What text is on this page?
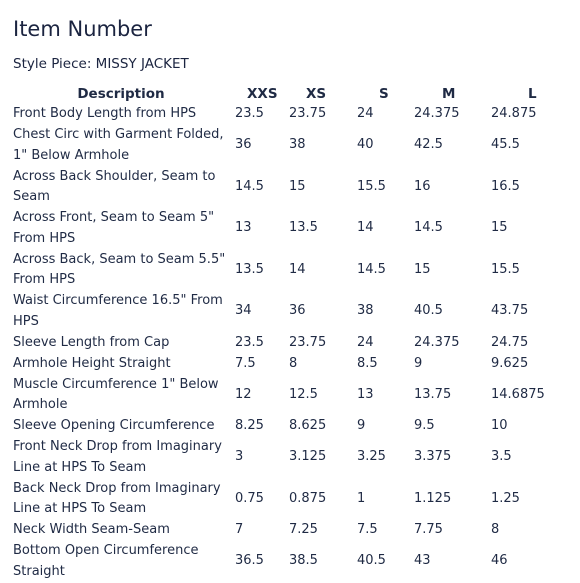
Item Number
Style Piece: MISSY JACKET
Description	XXS	XS	S	M	L
Front Body Length from HPS	23.5	23.75	24	24.375	24.875
Chest Circ with Garment Folded, 1" Below Armhole	36	38	40	42.5	45.5
Across Back Shoulder, Seam to Seam	14.5	15	15.5	16	16.5
Across Front, Seam to Seam 5" From HPS	13	13.5	14	14.5	15
Across Back, Seam to Seam 5.5" From HPS	13.5	14	14.5	15	15.5
Waist Circumference 16.5" From HPS	34	36	38	40.5	43.75
Sleeve Length from Cap	23.5	23.75	24	24.375	24.75
Armhole Height Straight	7.5	8	8.5	9	9.625
Muscle Circumference 1" Below Armhole	12	12.5	13	13.75	14.6875
Sleeve Opening Circumference	8.25	8.625	9	9.5	10
Front Neck Drop from Imaginary Line at HPS To Seam	3	3.125	3.25	3.375	3.5
Back Neck Drop from Imaginary Line at HPS To Seam	0.75	0.875	1	1.125	1.25
Neck Width Seam-Seam	7	7.25	7.5	7.75	8
Bottom Open Circumference Straight	36.5	38.5	40.5	43	46
